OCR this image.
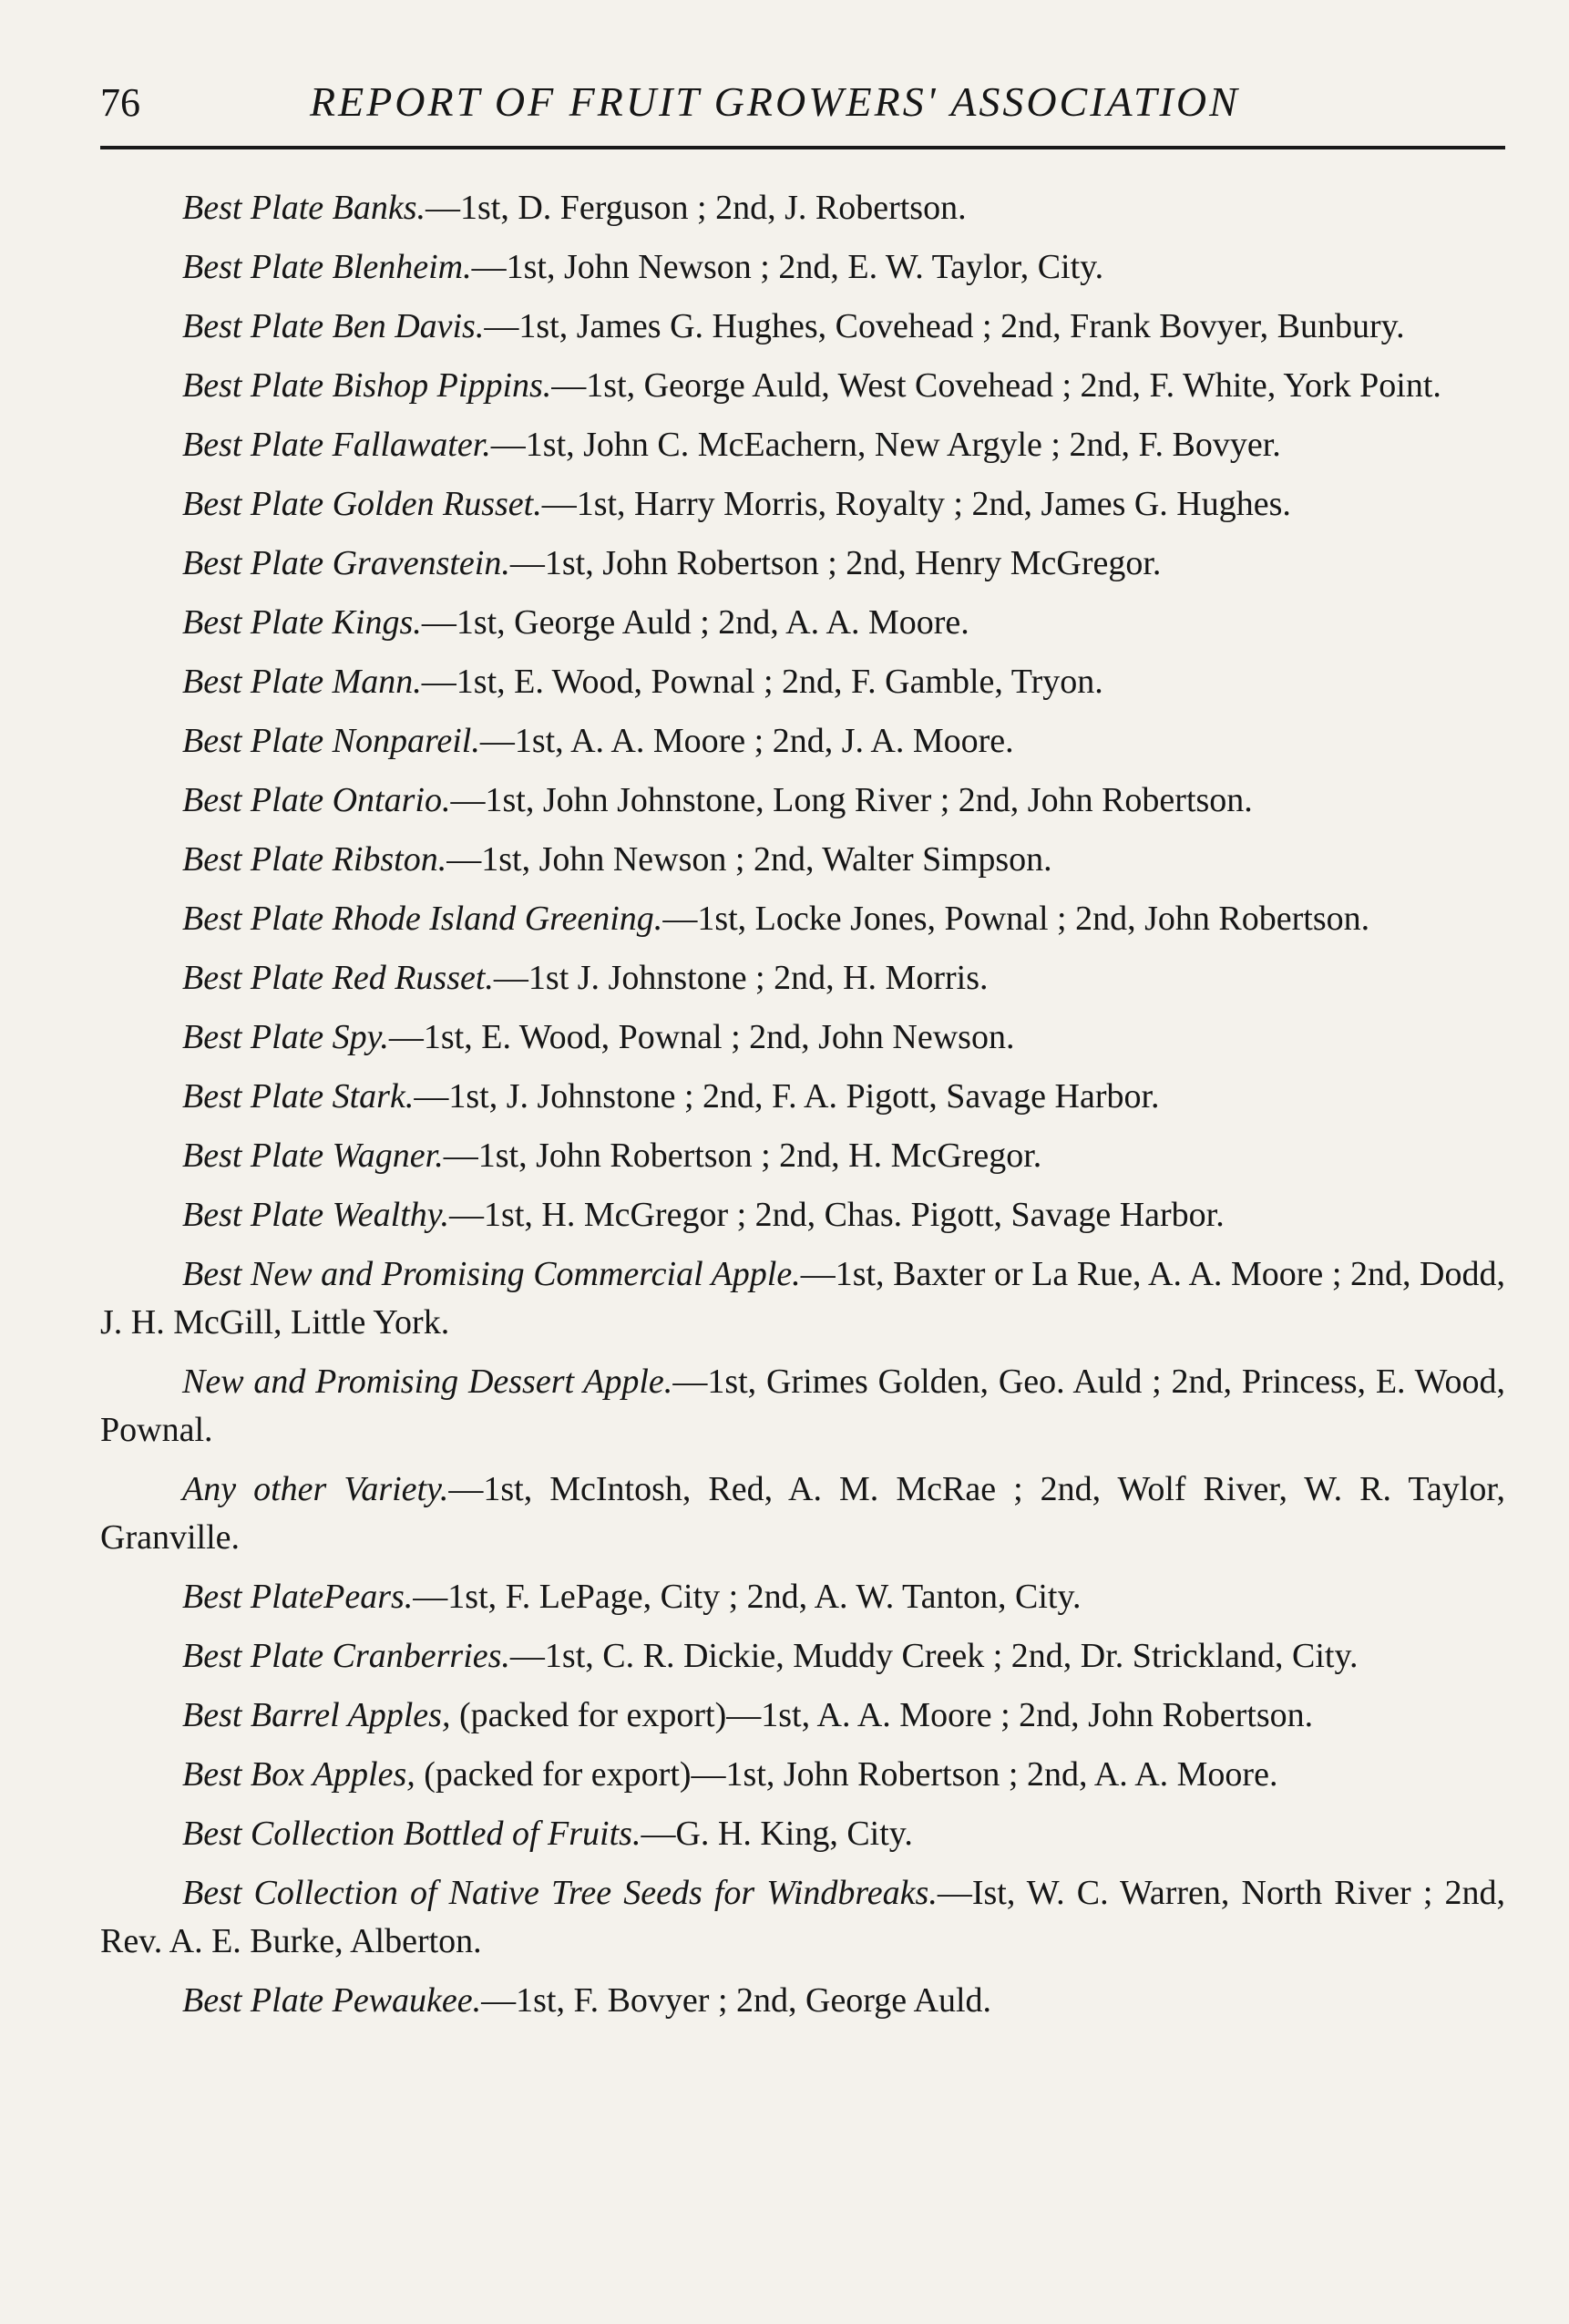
76	REPORT OF FRUIT GROWERS' ASSOCIATION

Best Plate Banks.—1st, D. Ferguson ; 2nd, J. Robertson.

Best Plate Blenheim.—1st, John Newson ; 2nd, E. W. Taylor, City.

Best Plate Ben Davis.—1st, James G. Hughes, Covehead ; 2nd, Frank Bovyer, Bunbury.

Best Plate Bishop Pippins.—1st, George Auld, West Covehead ; 2nd, F. White, York Point.

Best Plate Fallawater.—1st, John C. McEachern, New Argyle ; 2nd, F. Bovyer.

Best Plate Golden Russet.—1st, Harry Morris, Royalty ; 2nd, James G. Hughes.

Best Plate Gravenstein.—1st, John Robertson ; 2nd, Henry McGregor.

Best Plate Kings.—1st, George Auld ; 2nd, A. A. Moore.

Best Plate Mann.—1st, E. Wood, Pownal ; 2nd, F. Gamble, Tryon.

Best Plate Nonpareil.—1st, A. A. Moore ; 2nd, J. A. Moore.

Best Plate Ontario.—1st, John Johnstone, Long River ; 2nd, John Robertson.

Best Plate Ribston.—1st, John Newson ; 2nd, Walter Simpson.

Best Plate Rhode Island Greening.—1st, Locke Jones, Pownal ; 2nd, John Robertson.

Best Plate Red Russet.—1st J. Johnstone ; 2nd, H. Morris.

Best Plate Spy.—1st, E. Wood, Pownal ; 2nd, John Newson.

Best Plate Stark.—1st, J. Johnstone ; 2nd, F. A. Pigott, Savage Harbor.

Best Plate Wagner.—1st, John Robertson ; 2nd, H. McGregor.

Best Plate Wealthy.—1st, H. McGregor ; 2nd, Chas. Pigott, Savage Harbor.

Best New and Promising Commercial Apple.—1st, Baxter or La Rue, A. A. Moore ; 2nd, Dodd, J. H. McGill, Little York.

New and Promising Dessert Apple.—1st, Grimes Golden, Geo. Auld ; 2nd, Princess, E. Wood, Pownal.

Any other Variety.—1st, McIntosh, Red, A. M. McRae ; 2nd, Wolf River, W. R. Taylor, Granville.

Best PlatePears.—1st, F. LePage, City ; 2nd, A. W. Tanton, City.

Best Plate Cranberries.—1st, C. R. Dickie, Muddy Creek ; 2nd, Dr. Strickland, City.

Best Barrel Apples, (packed for export)—1st, A. A. Moore ; 2nd, John Robertson.

Best Box Apples, (packed for export)—1st, John Robertson ; 2nd, A. A. Moore.

Best Collection Bottled of Fruits.—G. H. King, City.

Best Collection of Native Tree Seeds for Windbreaks.—Ist, W. C. Warren, North River ; 2nd, Rev. A. E. Burke, Alberton.

Best Plate Pewaukee.—1st, F. Bovyer ; 2nd, George Auld.
